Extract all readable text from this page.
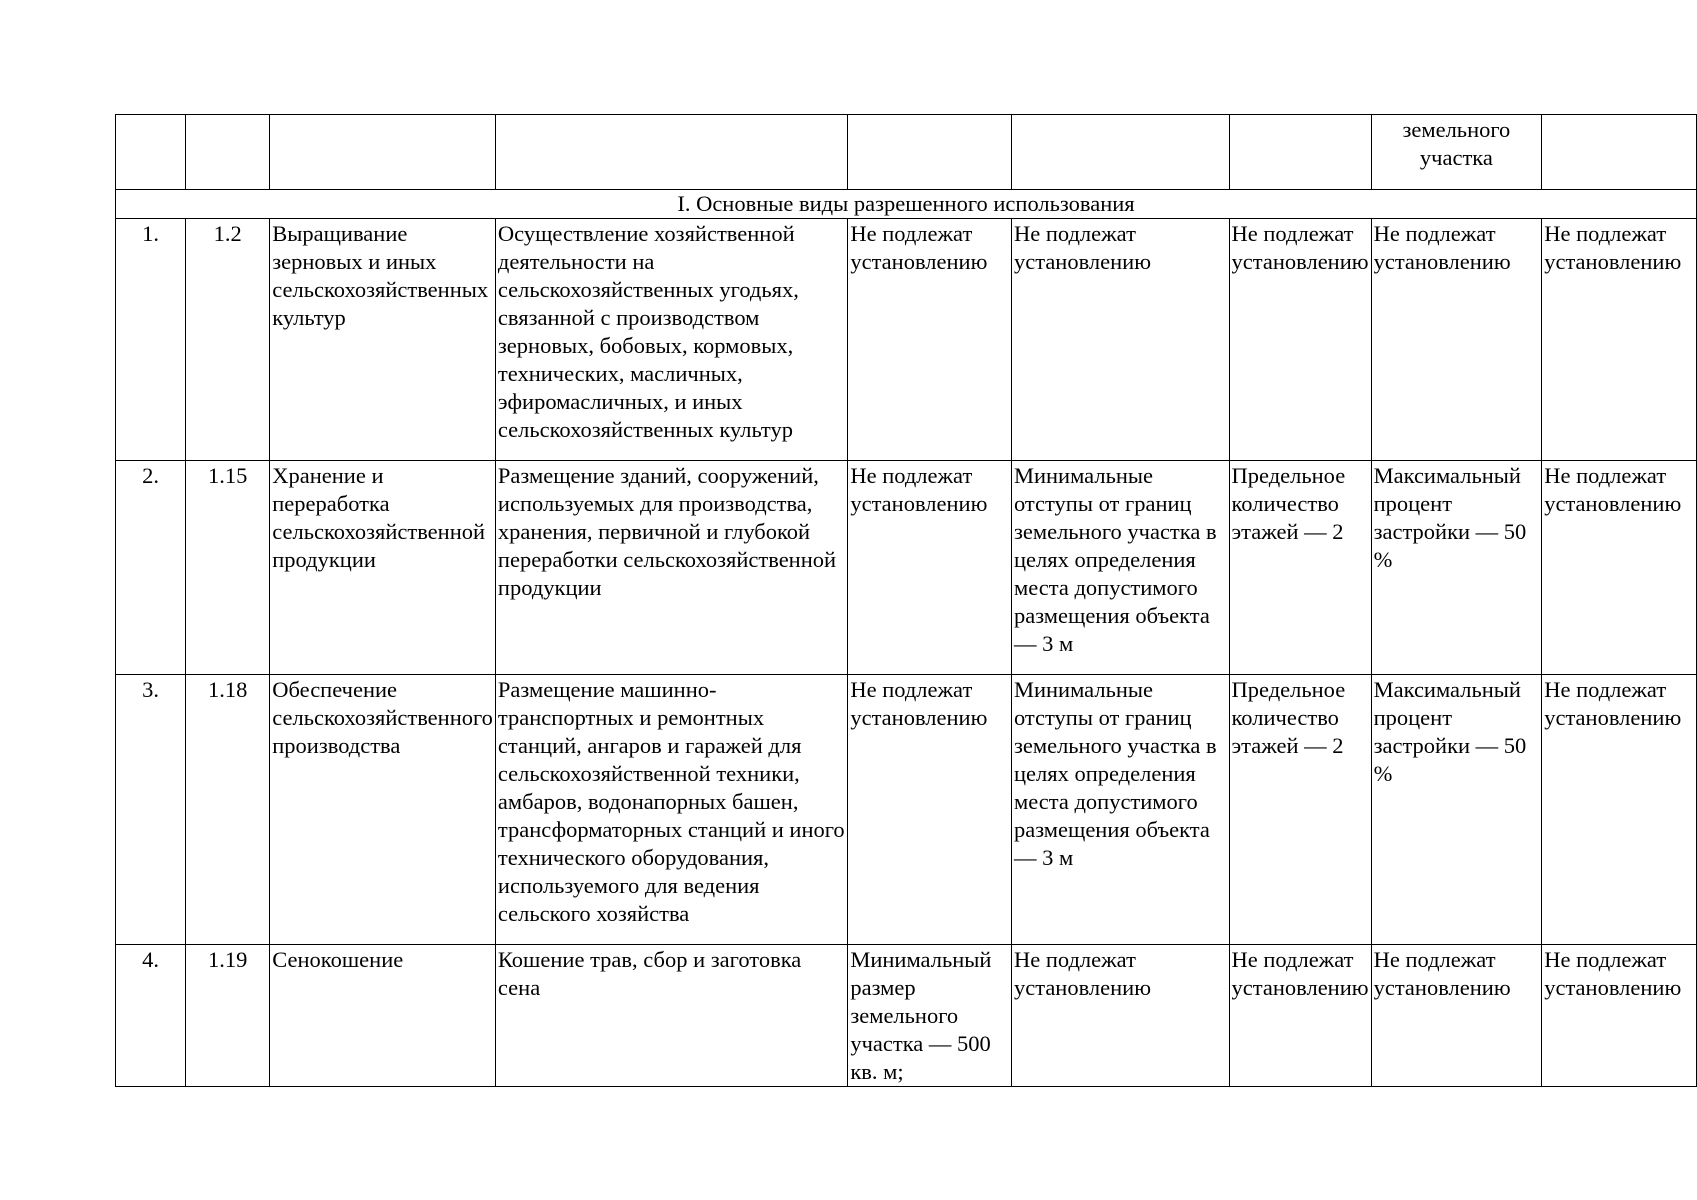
							земельного участка	
I. Основные виды разрешенного использования								
1.	1.2	Выращивание зерновых и иных сельскохозяйственных культур	Осуществление хозяйственной деятельности на сельскохозяйственных угодьях, связанной с производством зерновых, бобовых, кормовых, технических, масличных, эфиромасличных, и иных сельскохозяйственных культур	Не подлежат установлению	Не подлежат установлению	Не подлежат установлению	Не подлежат установлению	Не подлежат установлению
2.	1.15	Хранение и переработка сельскохозяйственной продукции	Размещение зданий, сооружений, используемых для производства, хранения, первичной и глубокой переработки сельскохозяйственной продукции	Не подлежат установлению	Минимальные отступы от границ земельного участка в целях определения места допустимого размещения объекта — 3 м	Предельное количество этажей — 2	Максимальный процент застройки — 50 %	Не подлежат установлению
3.	1.18	Обеспечение сельскохозяйственного производства	Размещение машинно-транспортных и ремонтных станций, ангаров и гаражей для сельскохозяйственной техники, амбаров, водонапорных башен, трансформаторных станций и иного технического оборудования, используемого для ведения сельского хозяйства	Не подлежат установлению	Минимальные отступы от границ земельного участка в целях определения места допустимого размещения объекта — 3 м	Предельное количество этажей — 2	Максимальный процент застройки — 50 %	Не подлежат установлению
4.	1.19	Сенокошение	Кошение трав, сбор и заготовка сена	Минимальный размер земельного участка — 500 кв. м;	Не подлежат установлению	Не подлежат установлению	Не подлежат установлению	Не подлежат установлению
